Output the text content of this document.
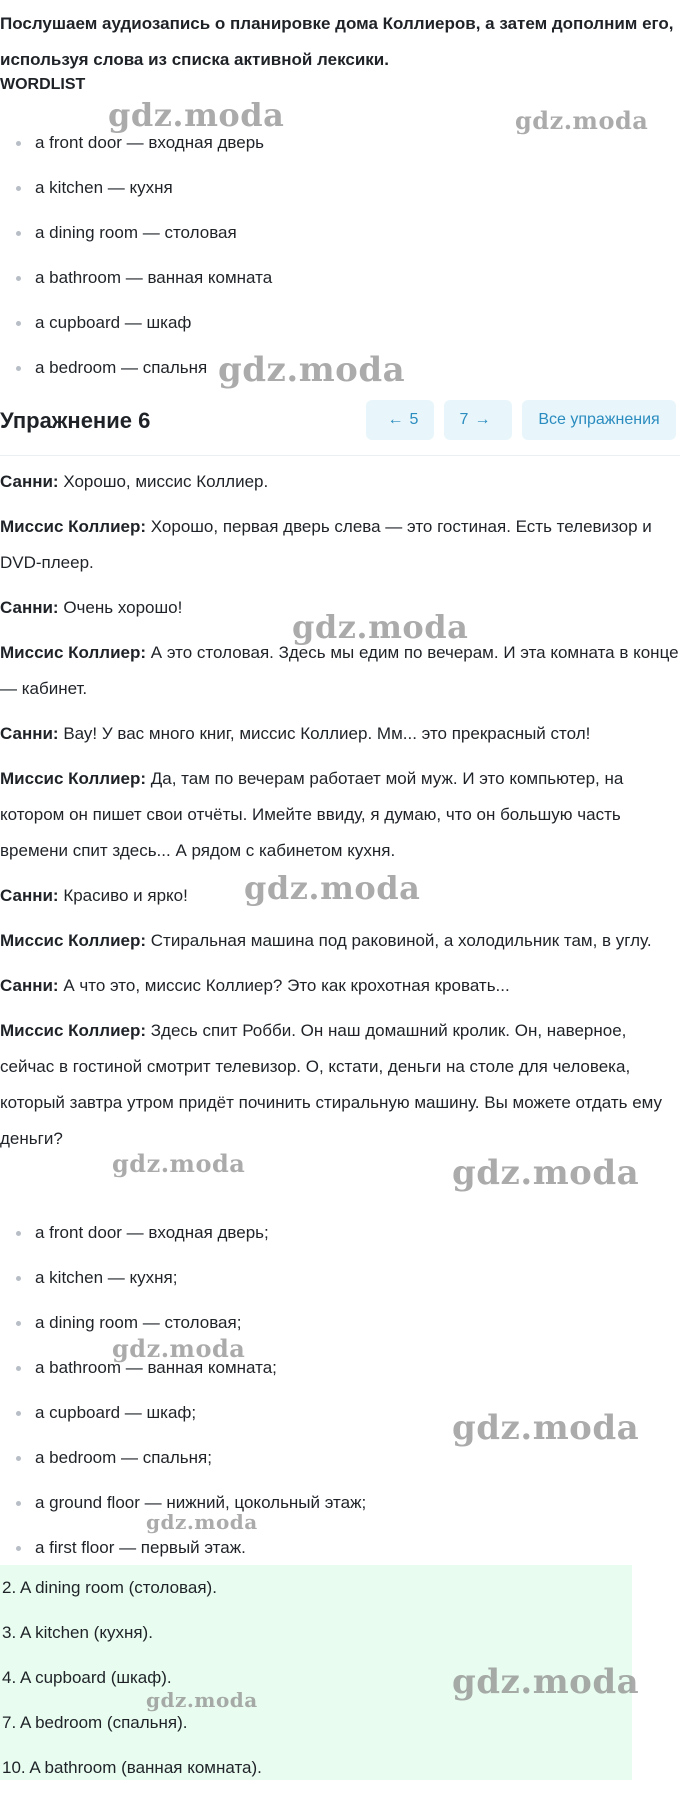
Послушаем аудиозапись о планировке дома Коллиеров, а затем дополним его, используя слова из списка активной лексики.
WORDLIST
a front door — входная дверь
a kitchen — кухня
a dining room — столовая
a bathroom — ванная комната
a cupboard — шкаф
a bedroom — спальня
Упражнение 6	← 5	7 →	Все упражнения

Санни: Хорошо, миссис Коллиер.

Миссис Коллиер: Хорошо, первая дверь слева — это гостиная. Есть телевизор и DVD-плеер.

Санни: Очень хорошо!

Миссис Коллиер: А это столовая. Здесь мы едим по вечерам. И эта комната в конце — кабинет.

Санни: Вау! У вас много книг, миссис Коллиер. Мм... это прекрасный стол!

Миссис Коллиер: Да, там по вечерам работает мой муж. И это компьютер, на котором он пишет свои отчёты. Имейте ввиду, я думаю, что он большую часть времени спит здесь... А рядом с кабинетом кухня.

Санни: Красиво и ярко!

Миссис Коллиер: Стиральная машина под раковиной, а холодильник там, в углу.

Санни: А что это, миссис Коллиер? Это как крохотная кровать...

Миссис Коллиер: Здесь спит Робби. Он наш домашний кролик. Он, наверное, сейчас в гостиной смотрит телевизор. О, кстати, деньги на столе для человека, который завтра утром придёт починить стиральную машину. Вы можете отдать ему деньги?

a front door — входная дверь;
a kitchen — кухня;
a dining room — столовая;
a bathroom — ванная комната;
a cupboard — шкаф;
a bedroom — спальня;
a ground floor — нижний, цокольный этаж;
a first floor — первый этаж.
2. A dining room (столовая).
3. A kitchen (кухня).
4. A cupboard (шкаф).
7. A bedroom (спальня).
10. A bathroom (ванная комната).
gdz.moda	gdz.moda
gdz.moda
gdz.moda
gdz.moda
gdz.moda	gdz.moda
gdz.moda
gdz.moda
gdz.moda
gdz.moda
gdz.moda
